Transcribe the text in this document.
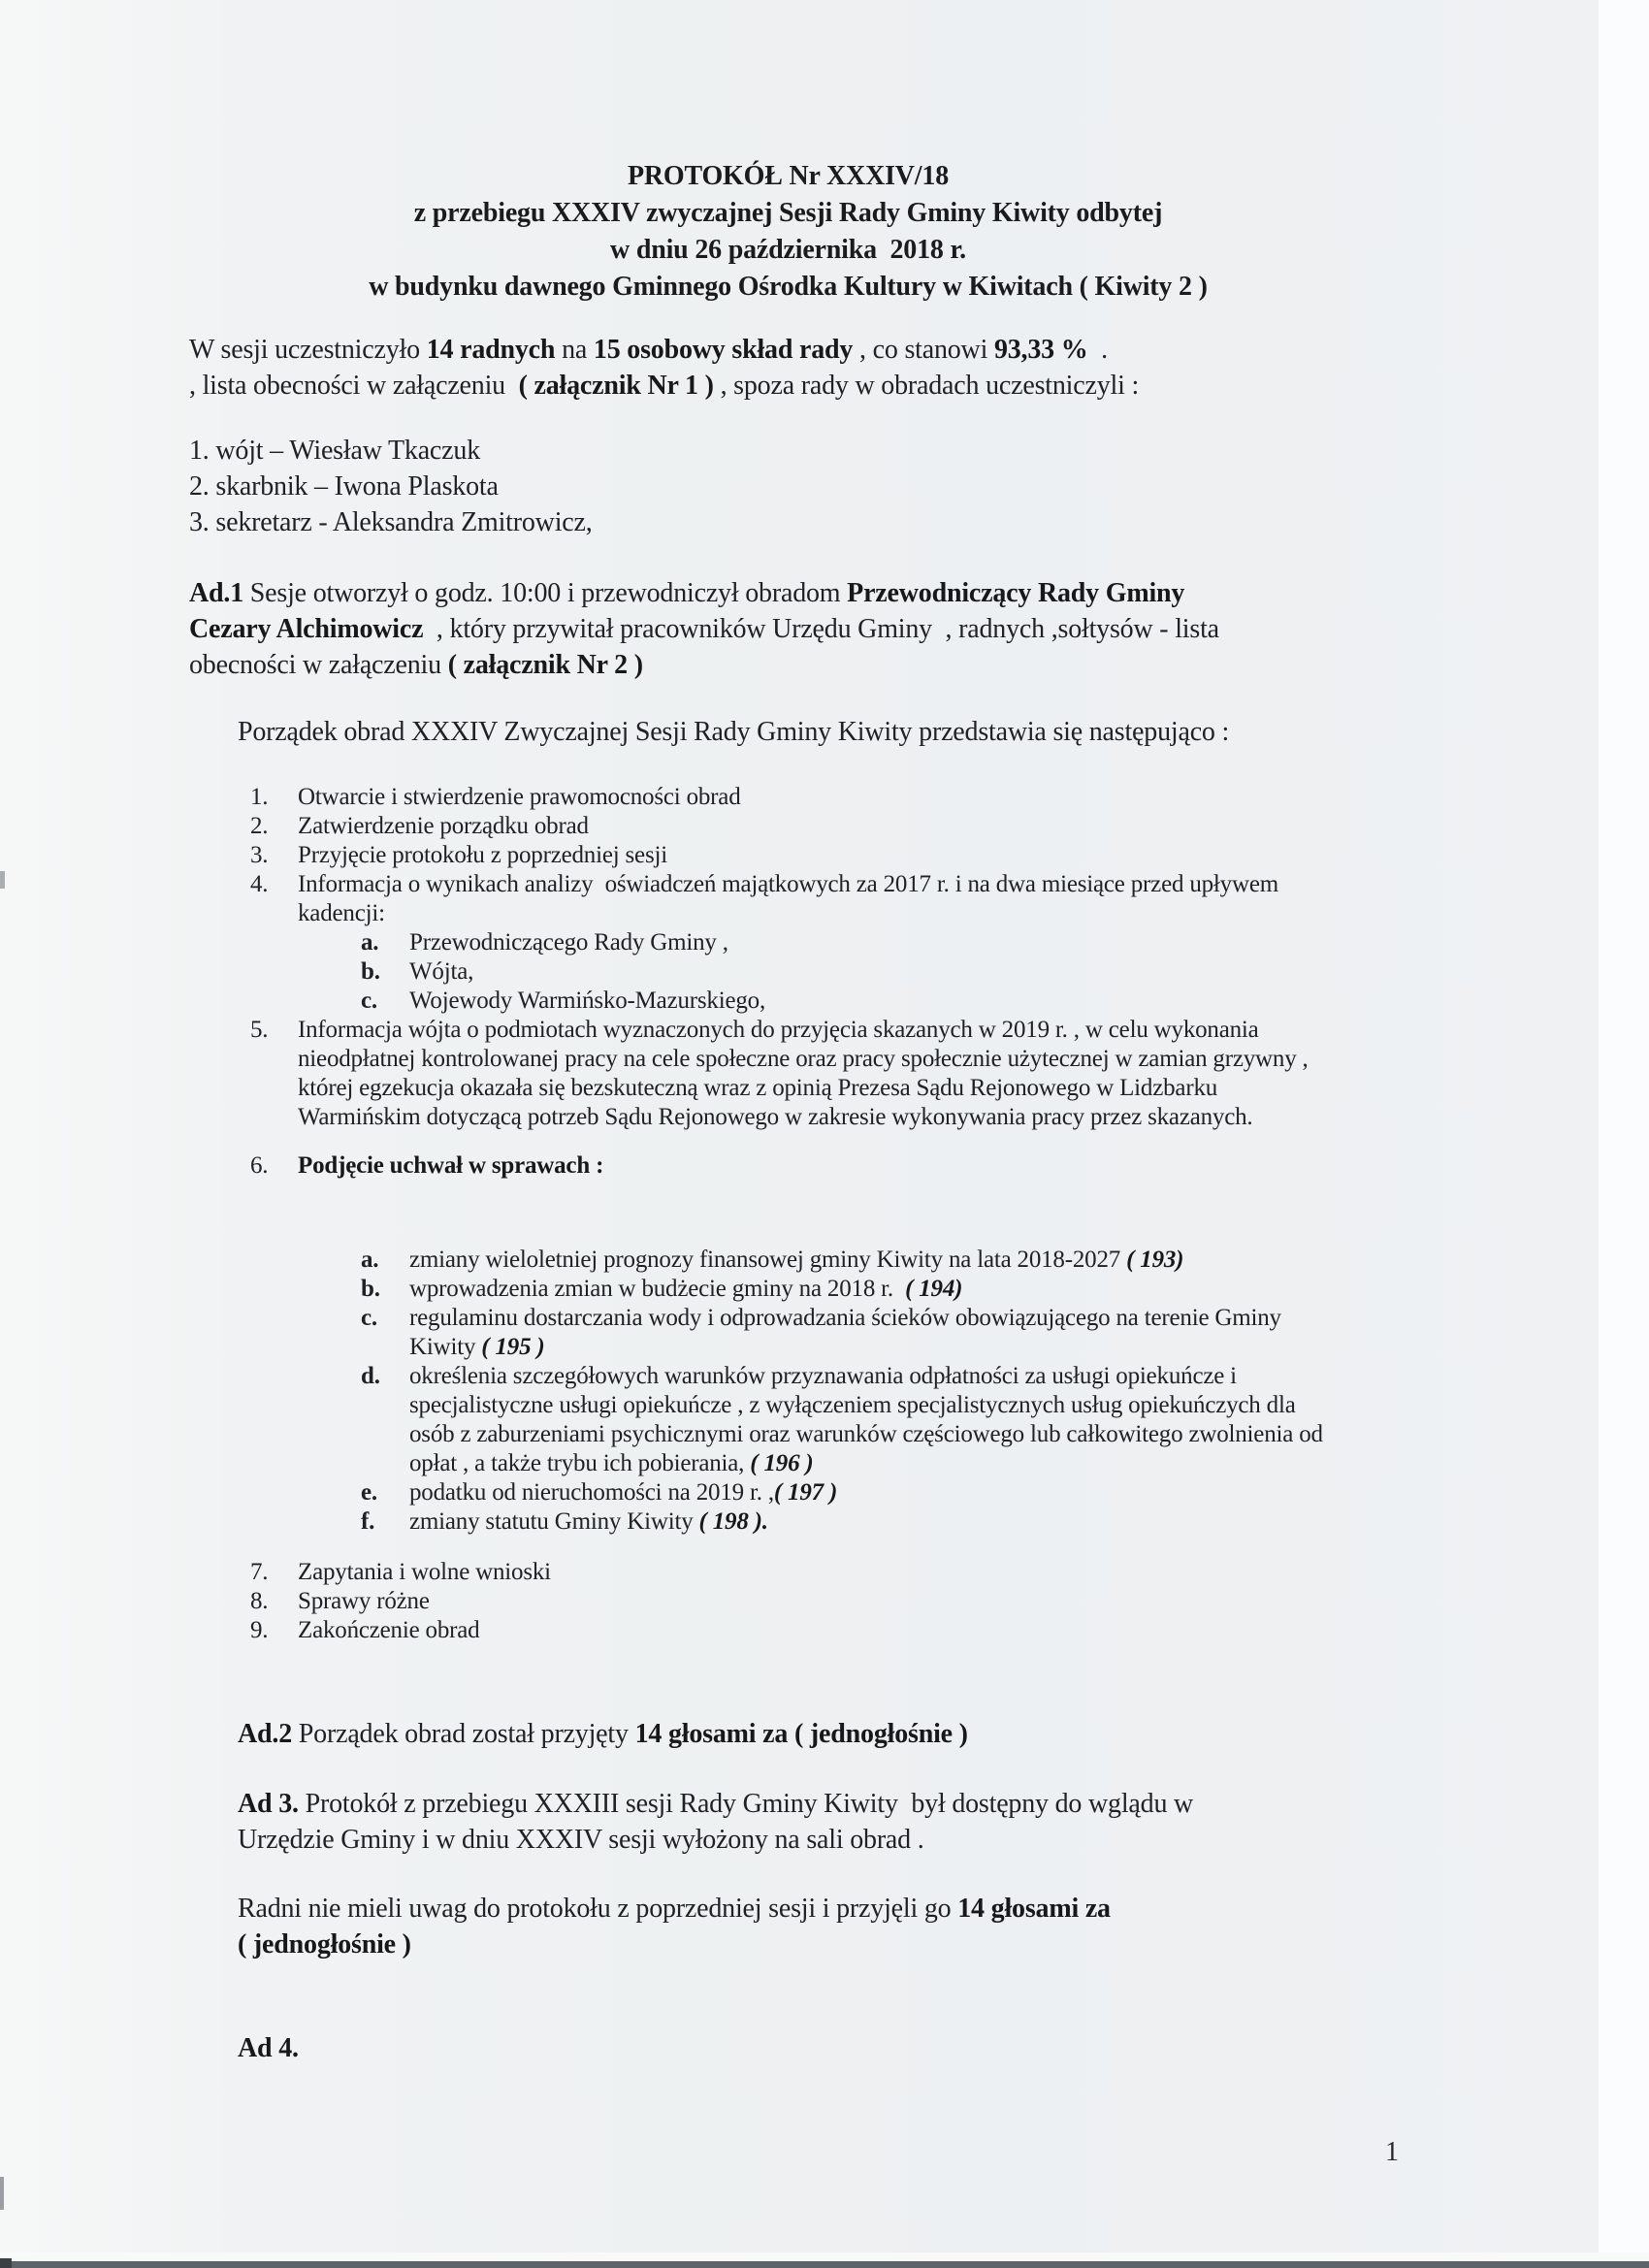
PROTOKÓŁ Nr XXXIV/18
z przebiegu XXXIV zwyczajnej Sesji Rady Gminy Kiwity odbytej
w dniu 26 października  2018 r.
w budynku dawnego Gminnego Ośrodka Kultury w Kiwitach ( Kiwity 2 )

W sesji uczestniczyło 14 radnych na 15 osobowy skład rady , co stanowi 93,33 %  .
, lista obecności w załączeniu  ( załącznik Nr 1 ) , spoza rady w obradach uczestniczyli :

1. wójt – Wiesław Tkaczuk
2. skarbnik – Iwona Plaskota
3. sekretarz - Aleksandra Zmitrowicz,

Ad.1 Sesje otworzył o godz. 10:00 i przewodniczył obradom Przewodniczący Rady Gminy
Cezary Alchimowicz  , który przywitał pracowników Urzędu Gminy  , radnych ,sołtysów - lista
obecności w załączeniu ( załącznik Nr 2 )

Porządek obrad XXXIV Zwyczajnej Sesji Rady Gminy Kiwity przedstawia się następująco :

1. Otwarcie i stwierdzenie prawomocności obrad
2. Zatwierdzenie porządku obrad
3. Przyjęcie protokołu z poprzedniej sesji
4. Informacja o wynikach analizy  oświadczeń majątkowych za 2017 r. i na dwa miesiące przed upływem
kadencji:
a. Przewodniczącego Rady Gminy ,
b. Wójta,
c. Wojewody Warmińsko-Mazurskiego,
5. Informacja wójta o podmiotach wyznaczonych do przyjęcia skazanych w 2019 r. , w celu wykonania
nieodpłatnej kontrolowanej pracy na cele społeczne oraz pracy społecznie użytecznej w zamian grzywny ,
której egzekucja okazała się bezskuteczną wraz z opinią Prezesa Sądu Rejonowego w Lidzbarku
Warmińskim dotyczącą potrzeb Sądu Rejonowego w zakresie wykonywania pracy przez skazanych.
6. Podjęcie uchwał w sprawach :
a. zmiany wieloletniej prognozy finansowej gminy Kiwity na lata 2018-2027 ( 193)
b. wprowadzenia zmian w budżecie gminy na 2018 r.  ( 194)
c. regulaminu dostarczania wody i odprowadzania ścieków obowiązującego na terenie Gminy
Kiwity ( 195 )
d. określenia szczegółowych warunków przyznawania odpłatności za usługi opiekuńcze i
specjalistyczne usługi opiekuńcze , z wyłączeniem specjalistycznych usług opiekuńczych dla
osób z zaburzeniami psychicznymi oraz warunków częściowego lub całkowitego zwolnienia od
opłat , a także trybu ich pobierania, ( 196 )
e. podatku od nieruchomości na 2019 r. ,( 197 )
f. zmiany statutu Gminy Kiwity ( 198 ).
7. Zapytania i wolne wnioski
8. Sprawy różne
9. Zakończenie obrad

Ad.2 Porządek obrad został przyjęty 14 głosami za ( jednogłośnie )

Ad 3. Protokół z przebiegu XXXIII sesji Rady Gminy Kiwity  był dostępny do wglądu w
Urzędzie Gminy i w dniu XXXIV sesji wyłożony na sali obrad .

Radni nie mieli uwag do protokołu z poprzedniej sesji i przyjęli go 14 głosami za
( jednogłośnie )

Ad 4.

1
